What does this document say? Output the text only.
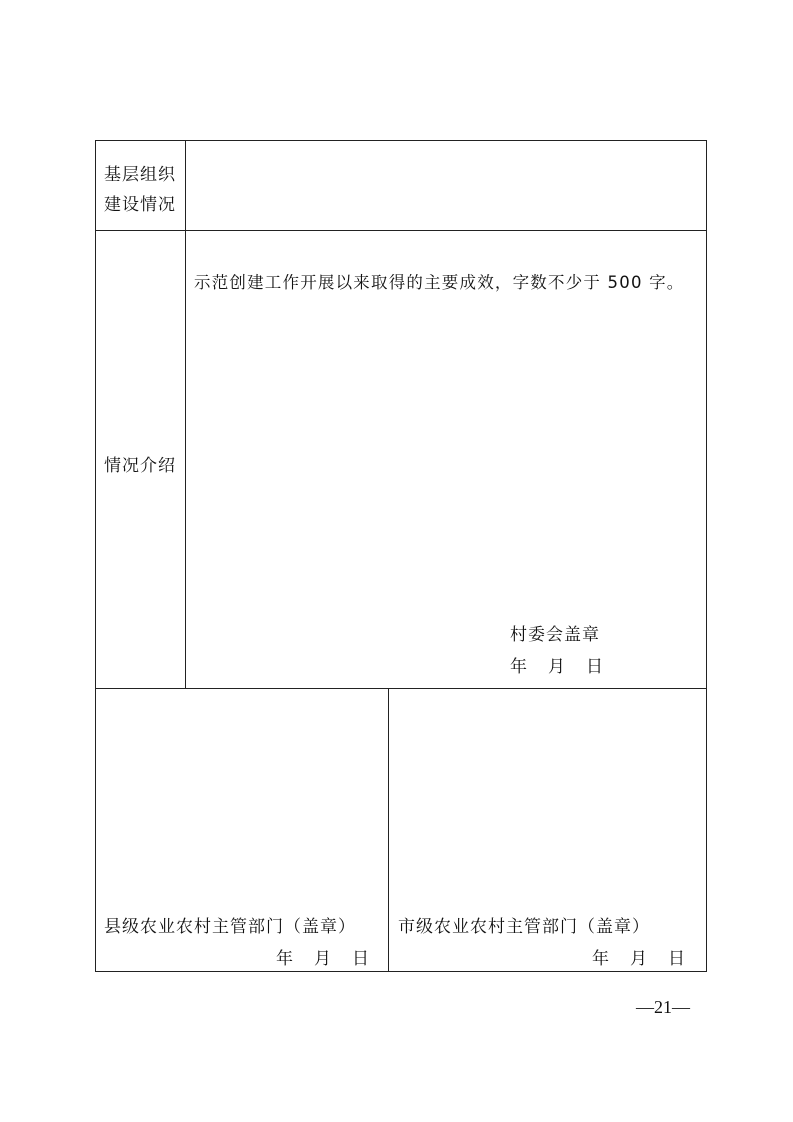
基层组织
建设情况
情况介绍
示范创建工作开展以来取得的主要成效，字数不少于 500 字。
村委会盖章
年 月 日
县级农业农村主管部门（盖章）
年 月 日
市级农业农村主管部门（盖章）
年 月 日
—21—
